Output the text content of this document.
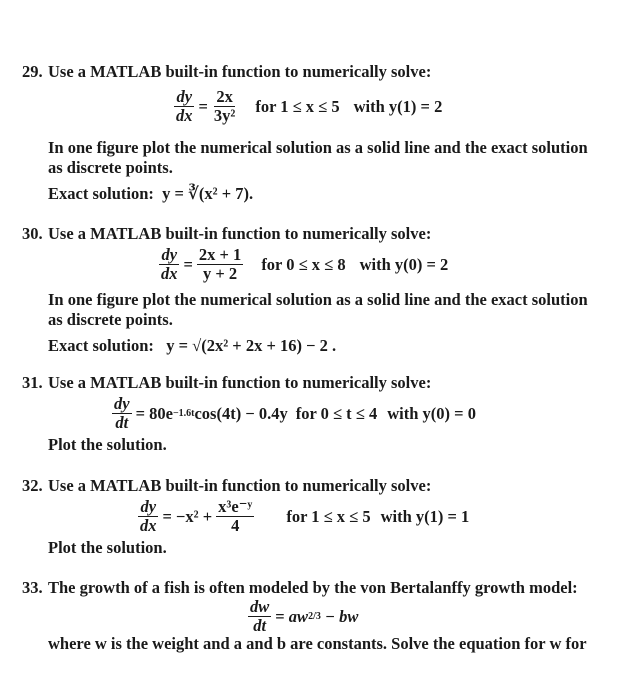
29. Use a MATLAB built-in function to numerically solve:
$\frac{dy}{dx} = \frac{2x}{\text{3y²}}$ for 1 ≤ x ≤ 5 with y(1) = 2
In one figure plot the numerical solution as a solid line and the exact solution
as discrete points.
Exact solution: y = ∛(x² + 7).
30. Use a MATLAB built-in function to numerically solve:
$\frac{dy}{dx} = \frac{2x + 1}{y + 2}$ for 0 ≤ x ≤ 8 with y(0) = 2
In one figure plot the numerical solution as a solid line and the exact solution
as discrete points.
Exact solution: y = √(2x² + 2x + 16) − 2 .
31. Use a MATLAB built-in function to numerically solve:
$\frac{dy}{dt}$ =
80e −1.6t cos(4t) − 0.4y for 0 ≤ t ≤ 4 with y(0) = 0
Plot the solution.
32. Use a MATLAB built-in function to numerically solve:
$\frac{dy}{dx}$ =
$-x^2 + \frac{\text{x³e⁻ʸ}}{4}$ for 1 ≤ x ≤ 5 with y(1) = 1
Plot the solution.
33. The growth of a fish is often modeled by the von Bertalanffy growth model:
$\frac{dw}{dt}$ =
aw 2/3
− bw
where w is the weight and a and b are constants. Solve the equation for w for
